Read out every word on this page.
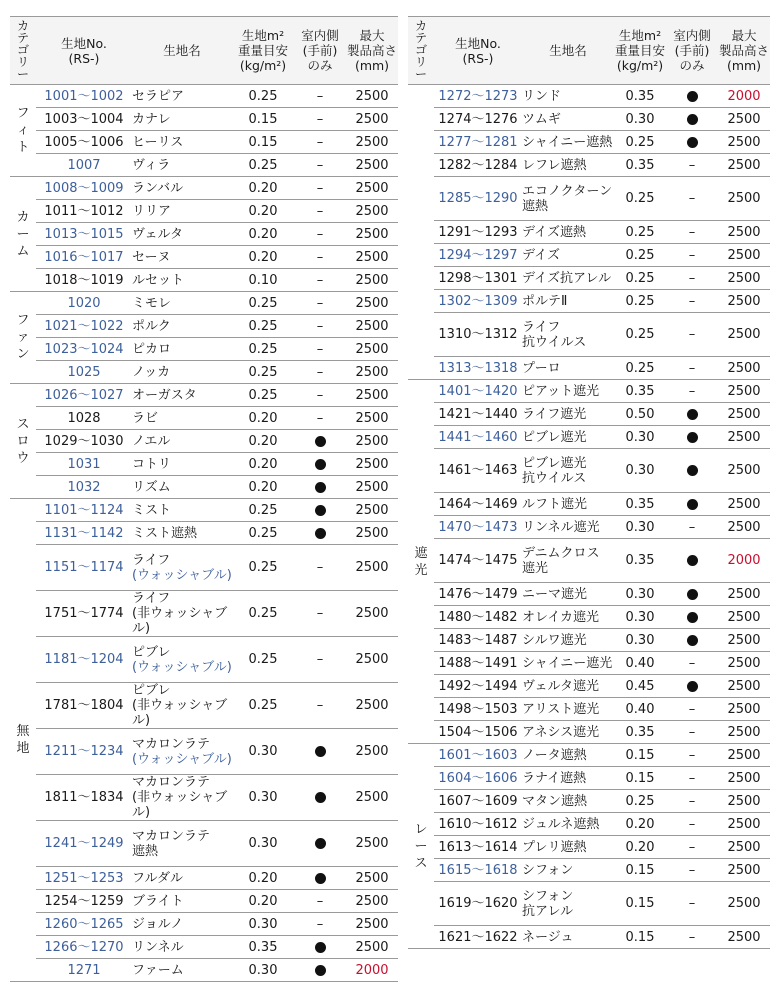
カテゴリー	生地No.
(RS-)	生地名	生地m²
重量目安
(kg/m²)	室内側
(手前)
のみ	最大
製品高さ
(mm)
フィト	1001～1002	セラピア	0.25	–	2500
	1003～1004	カナレ	0.15	–	2500
	1005～1006	ヒーリス	0.15	–	2500
	1007	ヴィラ	0.25	–	2500
カーム	1008～1009	ランバル	0.20	–	2500
	1011～1012	リリア	0.20	–	2500
	1013～1015	ヴェルタ	0.20	–	2500
	1016～1017	セーヌ	0.20	–	2500
	1018～1019	ルセット	0.10	–	2500
ファン	1020	ミモレ	0.25	–	2500
	1021～1022	ポルク	0.25	–	2500
	1023～1024	ピカロ	0.25	–	2500
	1025	ノッカ	0.25	–	2500
スロウ	1026～1027	オーガスタ	0.25	–	2500
	1028	ラビ	0.20	–	2500
	1029～1030	ノエル	0.20		2500
	1031	コトリ	0.20		2500
	1032	リズム	0.20		2500
無地	1101～1124	ミスト	0.25		2500
	1131～1142	ミスト遮熱	0.25		2500
	1151～1174	ライフ
(ウォッシャブル)	0.25	–	2500
	1751～1774	ライフ
(非ウォッシャブル)	0.25	–	2500
	1181～1204	ピブレ
(ウォッシャブル)	0.25	–	2500
	1781～1804	ピブレ
(非ウォッシャブル)	0.25	–	2500
	1211～1234	マカロンラテ
(ウォッシャブル)	0.30		2500
	1811～1834	マカロンラテ
(非ウォッシャブル)	0.30		2500
	1241～1249	マカロンラテ
遮熱	0.30		2500
	1251～1253	フルダル	0.20		2500
	1254～1259	ブライト	0.20	–	2500
	1260～1265	ジョルノ	0.30	–	2500
	1266～1270	リンネル	0.35		2500
	1271	ファーム	0.30		2000
カテゴリー	生地No.
(RS-)	生地名	生地m²
重量目安
(kg/m²)	室内側
(手前)
のみ	最大
製品高さ
(mm)
	1272～1273	リンド	0.35		2000
	1274～1276	ツムギ	0.30		2500
	1277～1281	シャイニー遮熱	0.25		2500
	1282～1284	レフレ遮熱	0.35	–	2500
	1285～1290	エコノクターン
遮熱	0.25	–	2500
	1291～1293	デイズ遮熱	0.25	–	2500
	1294～1297	デイズ	0.25	–	2500
	1298～1301	デイズ抗アレル	0.25	–	2500
	1302～1309	ポルテⅡ	0.25	–	2500
	1310～1312	ライフ
抗ウイルス	0.25	–	2500
	1313～1318	プーロ	0.25	–	2500
遮光	1401～1420	ピアット遮光	0.35	–	2500
	1421～1440	ライフ遮光	0.50		2500
	1441～1460	ピブレ遮光	0.30		2500
	1461～1463	ピブレ遮光
抗ウイルス	0.30		2500
	1464～1469	ルフト遮光	0.35		2500
	1470～1473	リンネル遮光	0.30	–	2500
	1474～1475	デニムクロス
遮光	0.35		2000
	1476～1479	ニーマ遮光	0.30		2500
	1480～1482	オレイカ遮光	0.30		2500
	1483～1487	シルワ遮光	0.30		2500
	1488～1491	シャイニー遮光	0.40	–	2500
	1492～1494	ヴェルタ遮光	0.45		2500
	1498～1503	アリスト遮光	0.40	–	2500
	1504～1506	アネシス遮光	0.35	–	2500
レース	1601～1603	ノータ遮熱	0.15	–	2500
	1604～1606	ラナイ遮熱	0.15	–	2500
	1607～1609	マタン遮熱	0.25	–	2500
	1610～1612	ジュルネ遮熱	0.20	–	2500
	1613～1614	プレリ遮熱	0.20	–	2500
	1615～1618	シフォン	0.15	–	2500
	1619～1620	シフォン
抗アレル	0.15	–	2500
	1621～1622	ネージュ	0.15	–	2500
